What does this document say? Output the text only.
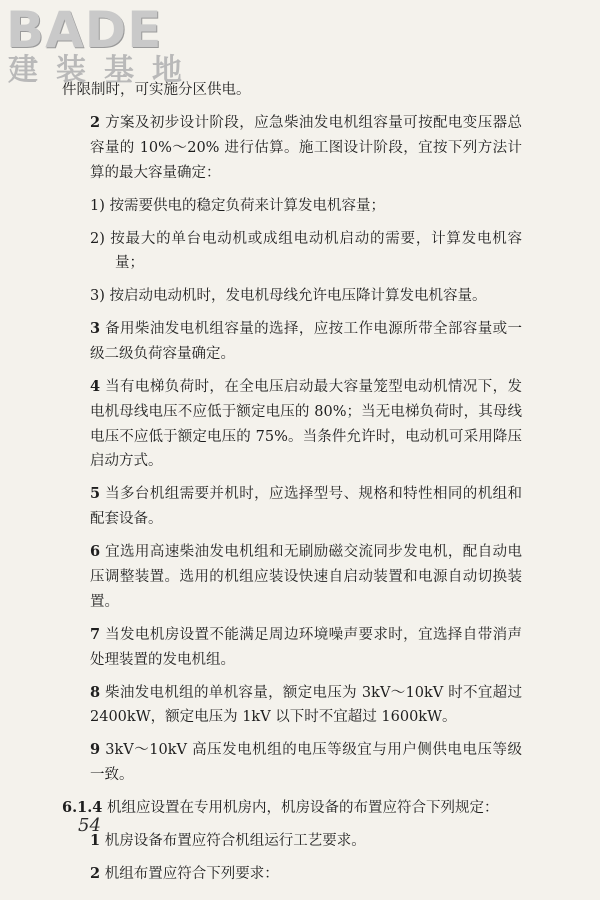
BADE
建装基地

件限制时，可实施分区供电。

2 方案及初步设计阶段，应急柴油发电机组容量可按配电变压器总容量的 10%～20% 进行估算。施工图设计阶段，宜按下列方法计算的最大容量确定：

1) 按需要供电的稳定负荷来计算发电机容量；

2) 按最大的单台电动机或成组电动机启动的需要，计算发电机容量；

3) 按启动电动机时，发电机母线允许电压降计算发电机容量。

3 备用柴油发电机组容量的选择，应按工作电源所带全部容量或一级二级负荷容量确定。

4 当有电梯负荷时，在全电压启动最大容量笼型电动机情况下，发电机母线电压不应低于额定电压的 80%；当无电梯负荷时，其母线电压不应低于额定电压的 75%。当条件允许时，电动机可采用降压启动方式。

5 当多台机组需要并机时，应选择型号、规格和特性相同的机组和配套设备。

6 宜选用高速柴油发电机组和无刷励磁交流同步发电机，配自动电压调整装置。选用的机组应装设快速自启动装置和电源自动切换装置。

7 当发电机房设置不能满足周边环境噪声要求时，宜选择自带消声处理装置的发电机组。

8 柴油发电机组的单机容量，额定电压为 3kV～10kV 时不宜超过 2400kW，额定电压为 1kV 以下时不宜超过 1600kW。

9 3kV～10kV 高压发电机组的电压等级宜与用户侧供电电压等级一致。

6.1.4 机组应设置在专用机房内，机房设备的布置应符合下列规定：

1 机房设备布置应符合机组运行工艺要求。

2 机组布置应符合下列要求：

54
